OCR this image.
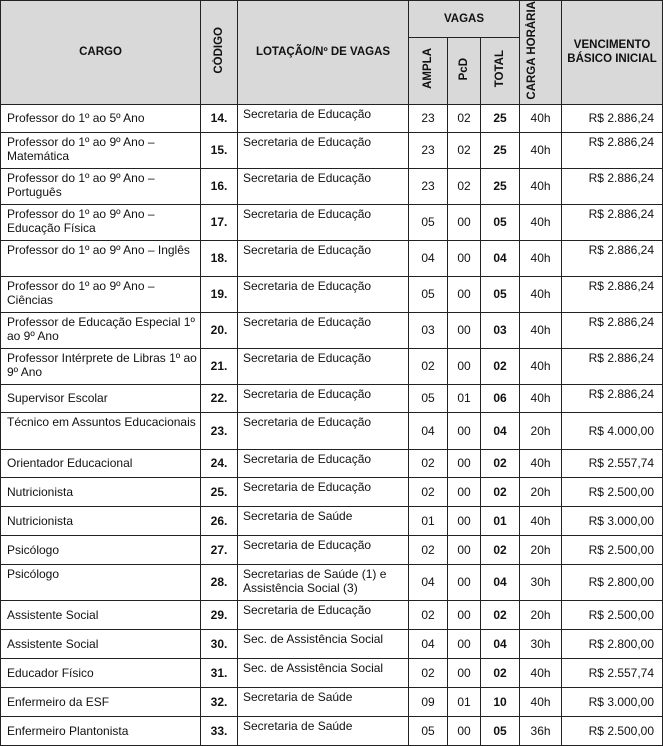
CARGO	CÓDIGO	LOTAÇÃO/Nº DE VAGAS	VAGAS			CARGA HORÁRIA	VENCIMENTO BÁSICO INICIAL
			AMPLA	PcD	TOTAL		
Professor do 1º ao 5º Ano	14.	Secretaria de Educação	23	02	25	40h	R$ 2.886,24
Professor do 1º ao 9º Ano – Matemática	15.	Secretaria de Educação	23	02	25	40h	R$ 2.886,24
Professor do 1º ao 9º Ano – Português	16.	Secretaria de Educação	23	02	25	40h	R$ 2.886,24
Professor do 1º ao 9º Ano – Educação Física	17.	Secretaria de Educação	05	00	05	40h	R$ 2.886,24
Professor do 1º ao 9º Ano – Inglês	18.	Secretaria de Educação	04	00	04	40h	R$ 2.886,24
Professor do 1º ao 9º Ano – Ciências	19.	Secretaria de Educação	05	00	05	40h	R$ 2.886,24
Professor de Educação Especial 1º ao 9º Ano	20.	Secretaria de Educação	03	00	03	40h	R$ 2.886,24
Professor Intérprete de Libras 1º ao 9º Ano	21.	Secretaria de Educação	02	00	02	40h	R$ 2.886,24
Supervisor Escolar	22.	Secretaria de Educação	05	01	06	40h	R$ 2.886,24
Técnico em Assuntos Educacionais	23.	Secretaria de Educação	04	00	04	20h	R$ 4.000,00
Orientador Educacional	24.	Secretaria de Educação	02	00	02	40h	R$ 2.557,74
Nutricionista	25.	Secretaria de Educação	02	00	02	20h	R$ 2.500,00
Nutricionista	26.	Secretaria de Saúde	01	00	01	40h	R$ 3.000,00
Psicólogo	27.	Secretaria de Educação	02	00	02	20h	R$ 2.500,00
Psicólogo	28.	Secretarias de Saúde (1) e Assistência Social (3)	04	00	04	30h	R$ 2.800,00
Assistente Social	29.	Secretaria de Educação	02	00	02	20h	R$ 2.500,00
Assistente Social	30.	Sec. de Assistência Social	04	00	04	30h	R$ 2.800,00
Educador Físico	31.	Sec. de Assistência Social	02	00	02	40h	R$ 2.557,74
Enfermeiro da ESF	32.	Secretaria de Saúde	09	01	10	40h	R$ 3.000,00
Enfermeiro Plantonista	33.	Secretaria de Saúde	05	00	05	36h	R$ 2.500,00
